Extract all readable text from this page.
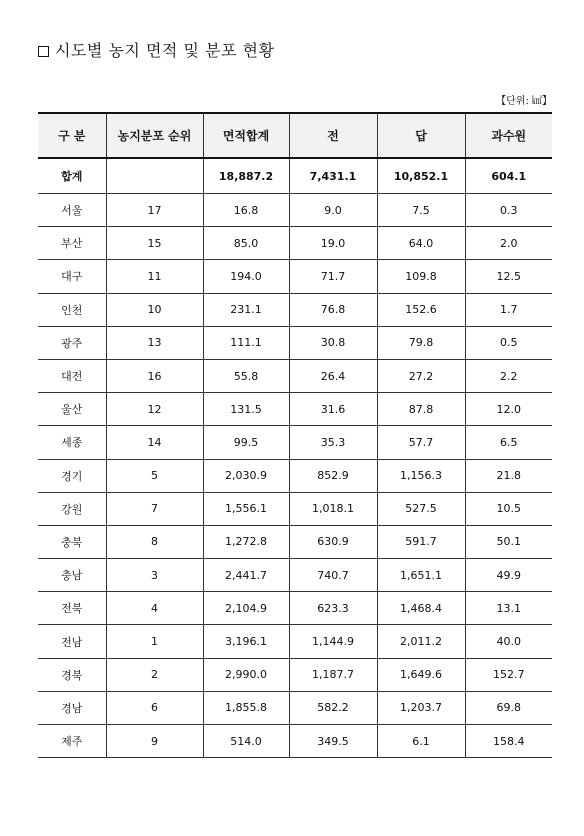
시도별 농지 면적 및 분포 현황
【단위: ㎢】
구 분	농지분포 순위	면적합계	전	답	과수원
합계		18,887.2	7,431.1	10,852.1	604.1
서울	17	16.8	9.0	7.5	0.3
부산	15	85.0	19.0	64.0	2.0
대구	11	194.0	71.7	109.8	12.5
인천	10	231.1	76.8	152.6	1.7
광주	13	111.1	30.8	79.8	0.5
대전	16	55.8	26.4	27.2	2.2
울산	12	131.5	31.6	87.8	12.0
세종	14	99.5	35.3	57.7	6.5
경기	5	2,030.9	852.9	1,156.3	21.8
강원	7	1,556.1	1,018.1	527.5	10.5
충북	8	1,272.8	630.9	591.7	50.1
충남	3	2,441.7	740.7	1,651.1	49.9
전북	4	2,104.9	623.3	1,468.4	13.1
전남	1	3,196.1	1,144.9	2,011.2	40.0
경북	2	2,990.0	1,187.7	1,649.6	152.7
경남	6	1,855.8	582.2	1,203.7	69.8
제주	9	514.0	349.5	6.1	158.4
